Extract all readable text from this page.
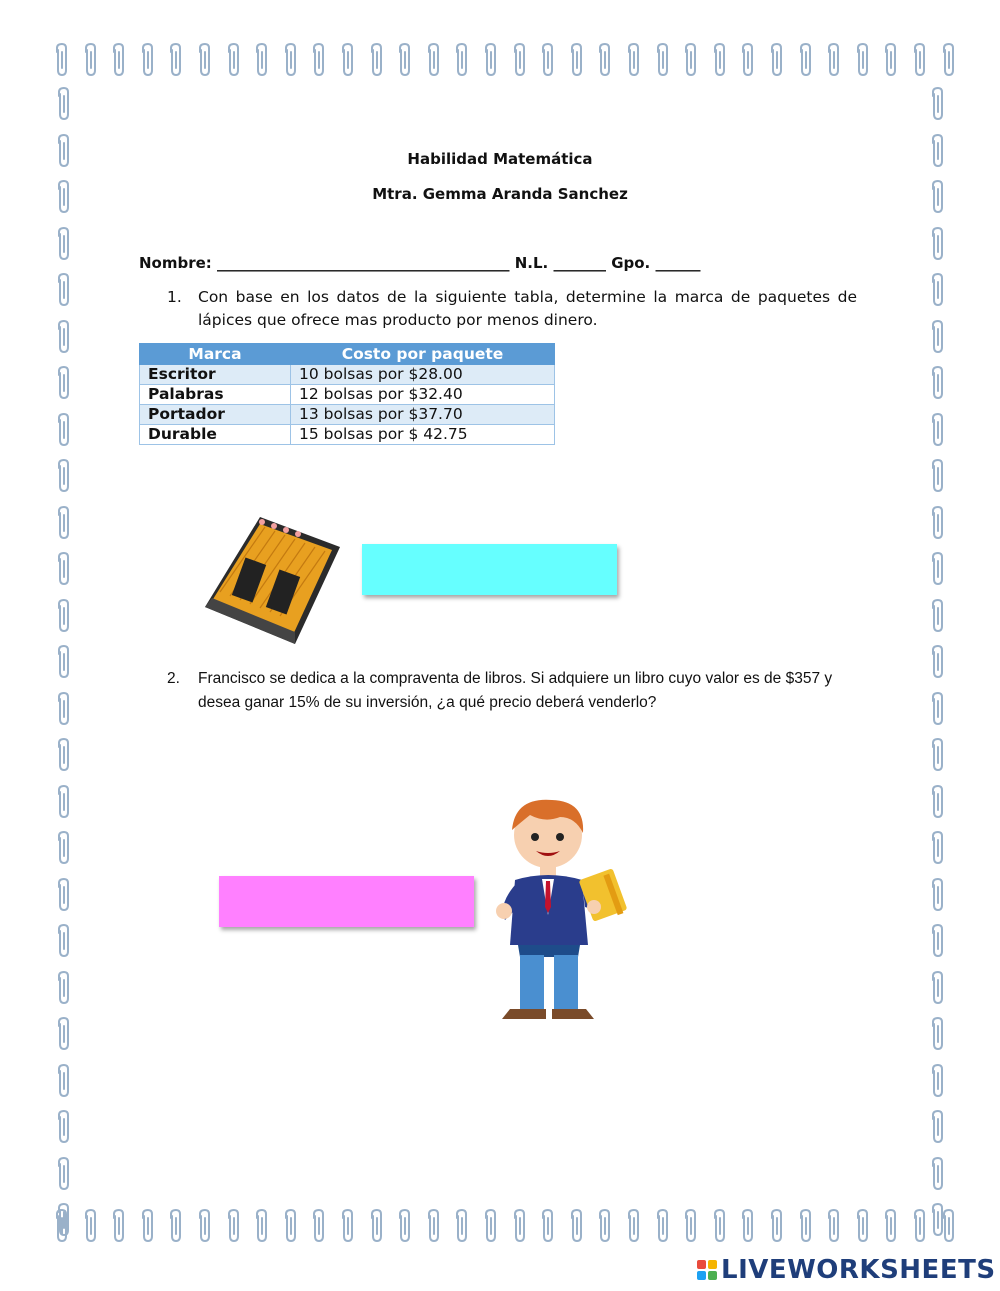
Habilidad Matemática
Mtra. Gemma Aranda Sanchez
Nombre: _______________________________________ N.L. _______ Gpo. ______
1. Con base en los datos de la siguiente tabla, determine la marca de paquetes de lápices que ofrece mas producto por menos dinero.
Marca	Costo por paquete
Escritor	10 bolsas por $28.00
Palabras	12 bolsas por $32.40
Portador	13 bolsas por $37.70
Durable	15 bolsas por $ 42.75
2. Francisco se dedica a la compraventa de libros. Si adquiere un libro cuyo valor es de $357 y desea ganar 15% de su inversión, ¿a qué precio deberá venderlo?
LIVEWORKSHEETS
